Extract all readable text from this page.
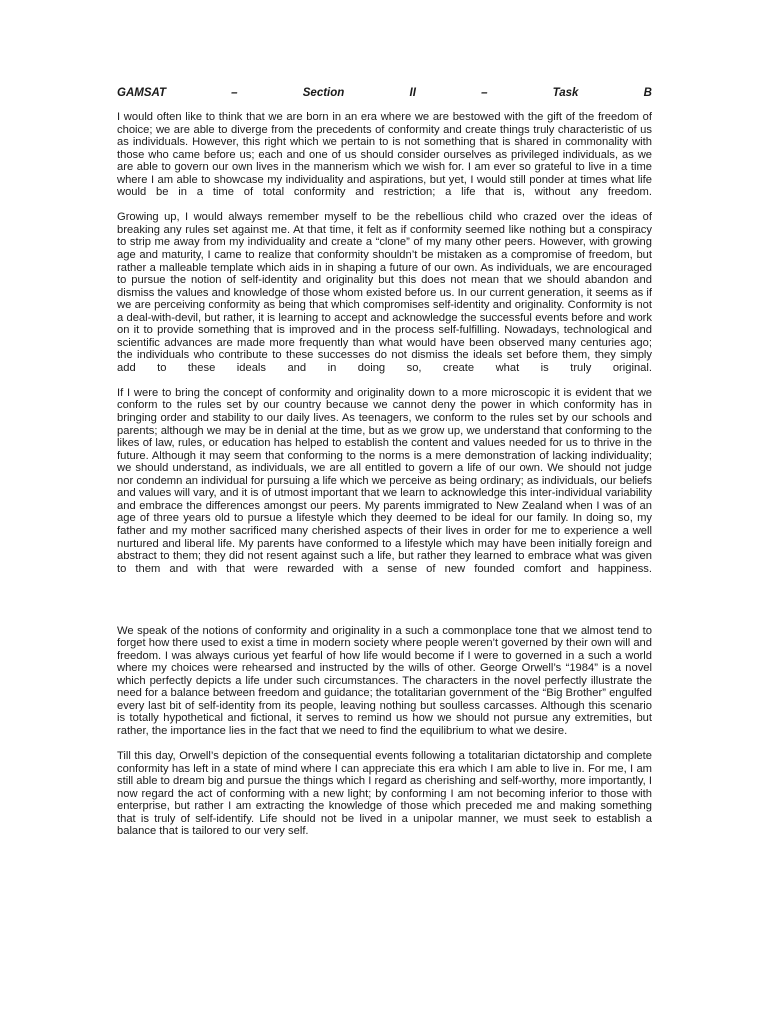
GAMSAT	–	Section	II	–	Task	B

I would often like to think that we are born in an era where we are bestowed with the gift of the freedom of choice; we are able to diverge from the precedents of conformity and create things truly characteristic of us as individuals. However, this right which we pertain to is not something that is shared in commonality with those who came before us; each and one of us should consider ourselves as privileged individuals, as we are able to govern our own lives in the mannerism which we wish for. I am ever so grateful to live in a time where I am able to showcase my individuality and aspirations, but yet, I would still ponder at times what life would be in a time of total conformity and restriction; a life that is, without any freedom.

Growing up, I would always remember myself to be the rebellious child who crazed over the ideas of breaking any rules set against me. At that time, it felt as if conformity seemed like nothing but a conspiracy to strip me away from my individuality and create a “clone” of my many other peers. However, with growing age and maturity, I came to realize that conformity shouldn’t be mistaken as a compromise of freedom, but rather a malleable template which aids in in shaping a future of our own. As individuals, we are encouraged to pursue the notion of self-identity and originality but this does not mean that we should abandon and dismiss the values and knowledge of those whom existed before us. In our current generation, it seems as if we are perceiving conformity as being that which compromises self-identity and originality. Conformity is not a deal-with-devil, but rather, it is learning to accept and acknowledge the successful events before and work on it to provide something that is improved and in the process self-fulfilling. Nowadays, technological and scientific advances are made more frequently than what would have been observed many centuries ago; the individuals who contribute to these successes do not dismiss the ideals set before them, they simply add to these ideals and in doing so, create what is truly original.

If I were to bring the concept of conformity and originality down to a more microscopic it is evident that we conform to the rules set by our country because we cannot deny the power in which conformity has in bringing order and stability to our daily lives. As teenagers, we conform to the rules set by our schools and parents; although we may be in denial at the time, but as we grow up, we understand that conforming to the likes of law, rules, or education has helped to establish the content and values needed for us to thrive in the future. Although it may seem that conforming to the norms is a mere demonstration of lacking individuality; we should understand, as individuals, we are all entitled to govern a life of our own. We should not judge nor condemn an individual for pursuing a life which we perceive as being ordinary; as individuals, our beliefs and values will vary, and it is of utmost important that we learn to acknowledge this inter-individual variability and embrace the differences amongst our peers. My parents immigrated to New Zealand when I was of an age of three years old to pursue a lifestyle which they deemed to be ideal for our family. In doing so, my father and my mother sacrificed many cherished aspects of their lives in order for me to experience a well nurtured and liberal life. My parents have conformed to a lifestyle which may have been initially foreign and abstract to them; they did not resent against such a life, but rather they learned to embrace what was given to them and with that were rewarded with a sense of new founded comfort and happiness.

We speak of the notions of conformity and originality in a such a commonplace tone that we almost tend to forget how there used to exist a time in modern society where people weren’t governed by their own will and freedom. I was always curious yet fearful of how life would become if I were to governed in a such a world where my choices were rehearsed and instructed by the wills of other. George Orwell’s “1984” is a novel which perfectly depicts a life under such circumstances. The characters in the novel perfectly illustrate the need for a balance between freedom and guidance; the totalitarian government of the “Big Brother” engulfed every last bit of self-identity from its people, leaving nothing but soulless carcasses. Although this scenario is totally hypothetical and fictional, it serves to remind us how we should not pursue any extremities, but rather, the importance lies in the fact that we need to find the equilibrium to what we desire.

Till this day, Orwell’s depiction of the consequential events following a totalitarian dictatorship and complete conformity has left in a state of mind where I can appreciate this era which I am able to live in. For me, I am still able to dream big and pursue the things which I regard as cherishing and self-worthy, more importantly, I now regard the act of conforming with a new light; by conforming I am not becoming inferior to those with enterprise, but rather I am extracting the knowledge of those which preceded me and making something that is truly of self-identify. Life should not be lived in a unipolar manner, we must seek to establish a balance that is tailored to our very self.
